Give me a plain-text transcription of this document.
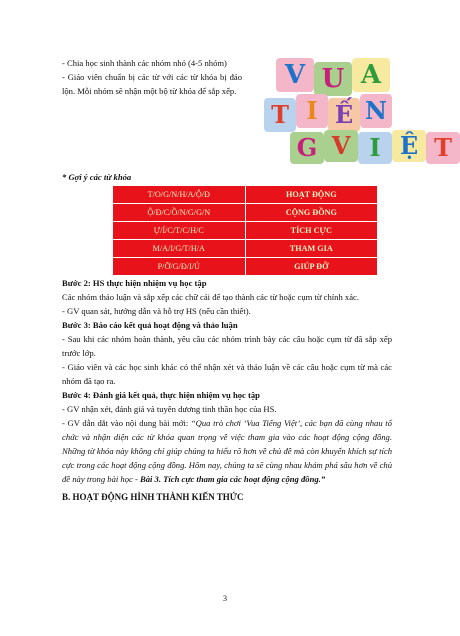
- Chia học sinh thành các nhóm nhỏ (4-5 nhóm)

- Giáo viên chuẩn bị các từ với các từ khóa bị đảo lộn. Mỗi nhóm sẽ nhận một bộ từ khóa để sắp xếp.

V U A
T I Ế N
G V I Ệ T
* Gợi ý các từ khóa
T/O/G/N/H/A/Ộ/Đ	HOẠT ĐỘNG
Ộ/Đ/C/Ồ/N/G/G/N	CỘNG ĐỒNG
Ự/Í/C/T/C/H/C	TÍCH CỰC
M/A/I/G/T/H/A	THAM GIA
P/Ỡ/G/Đ/I/Ú	GIÚP ĐỠ

Bước 2: HS thực hiện nhiệm vụ học tập

Các nhóm thảo luận và sắp xếp các chữ cái để tạo thành các từ hoặc cụm từ chính xác.

- GV quan sát, hướng dẫn và hỗ trợ HS (nếu cần thiết).

Bước 3: Báo cáo kết quả hoạt động và thảo luận

- Sau khi các nhóm hoàn thành, yêu cầu các nhóm trình bày các câu hoặc cụm từ đã sắp xếp trước lớp.

- Giáo viên và các học sinh khác có thể nhận xét và thảo luận về các câu hoặc cụm từ mà các nhóm đã tạo ra.

Bước 4: Đánh giá kết quả, thực hiện nhiệm vụ học tập

- GV nhận xét, đánh giá và tuyên dương tinh thần học của HS.

- GV dẫn dắt vào nội dung bài mới: “Qua trò chơi ‘Vua Tiếng Việt’, các bạn đã cùng nhau tổ chức và nhận diện các từ khóa quan trọng về việc tham gia vào các hoạt động cộng đồng. Những từ khóa này không chỉ giúp chúng ta hiểu rõ hơn về chủ đề mà còn khuyến khích sự tích cực trong các hoạt động cộng đồng. Hôm nay, chúng ta sẽ cùng nhau khám phá sâu hơn về chủ đề này trong bài học - Bài 3. Tích cực tham gia các hoạt động cộng đồng.”

B. HOẠT ĐỘNG HÌNH THÀNH KIẾN THỨC

3
